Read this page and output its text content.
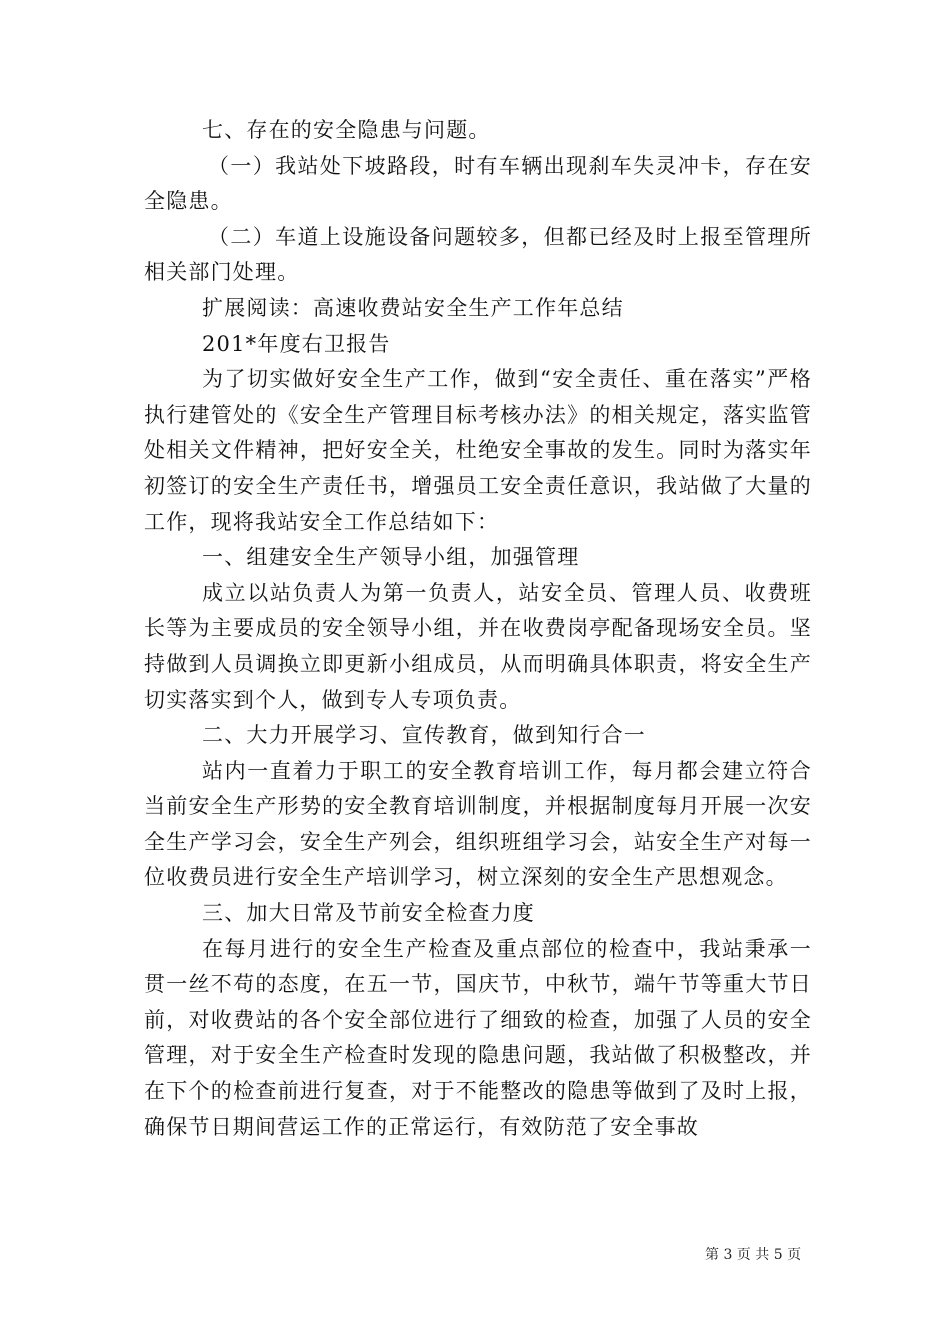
七、存在的安全隐患与问题。

（一）我站处下坡路段，时有车辆出现刹车失灵冲卡，存在安全隐患。

（二）车道上设施设备问题较多，但都已经及时上报至管理所相关部门处理。

扩展阅读：高速收费站安全生产工作年总结

201*年度右卫报告

为了切实做好安全生产工作，做到“安全责任、重在落实”严格执行建管处的《安全生产管理目标考核办法》的相关规定，落实监管处相关文件精神，把好安全关，杜绝安全事故的发生。同时为落实年初签订的安全生产责任书，增强员工安全责任意识，我站做了大量的工作，现将我站安全工作总结如下：

一、组建安全生产领导小组，加强管理

成立以站负责人为第一负责人，站安全员、管理人员、收费班长等为主要成员的安全领导小组，并在收费岗亭配备现场安全员。坚持做到人员调换立即更新小组成员，从而明确具体职责，将安全生产切实落实到个人，做到专人专项负责。

二、大力开展学习、宣传教育，做到知行合一

站内一直着力于职工的安全教育培训工作，每月都会建立符合当前安全生产形势的安全教育培训制度，并根据制度每月开展一次安全生产学习会，安全生产列会，组织班组学习会，站安全生产对每一位收费员进行安全生产培训学习，树立深刻的安全生产思想观念。

三、加大日常及节前安全检查力度

在每月进行的安全生产检查及重点部位的检查中，我站秉承一贯一丝不苟的态度，在五一节，国庆节，中秋节，端午节等重大节日前，对收费站的各个安全部位进行了细致的检查，加强了人员的安全管理，对于安全生产检查时发现的隐患问题，我站做了积极整改，并在下个的检查前进行复查，对于不能整改的隐患等做到了及时上报，确保节日期间营运工作的正常运行，有效防范了安全事故

第 3 页 共 5 页
